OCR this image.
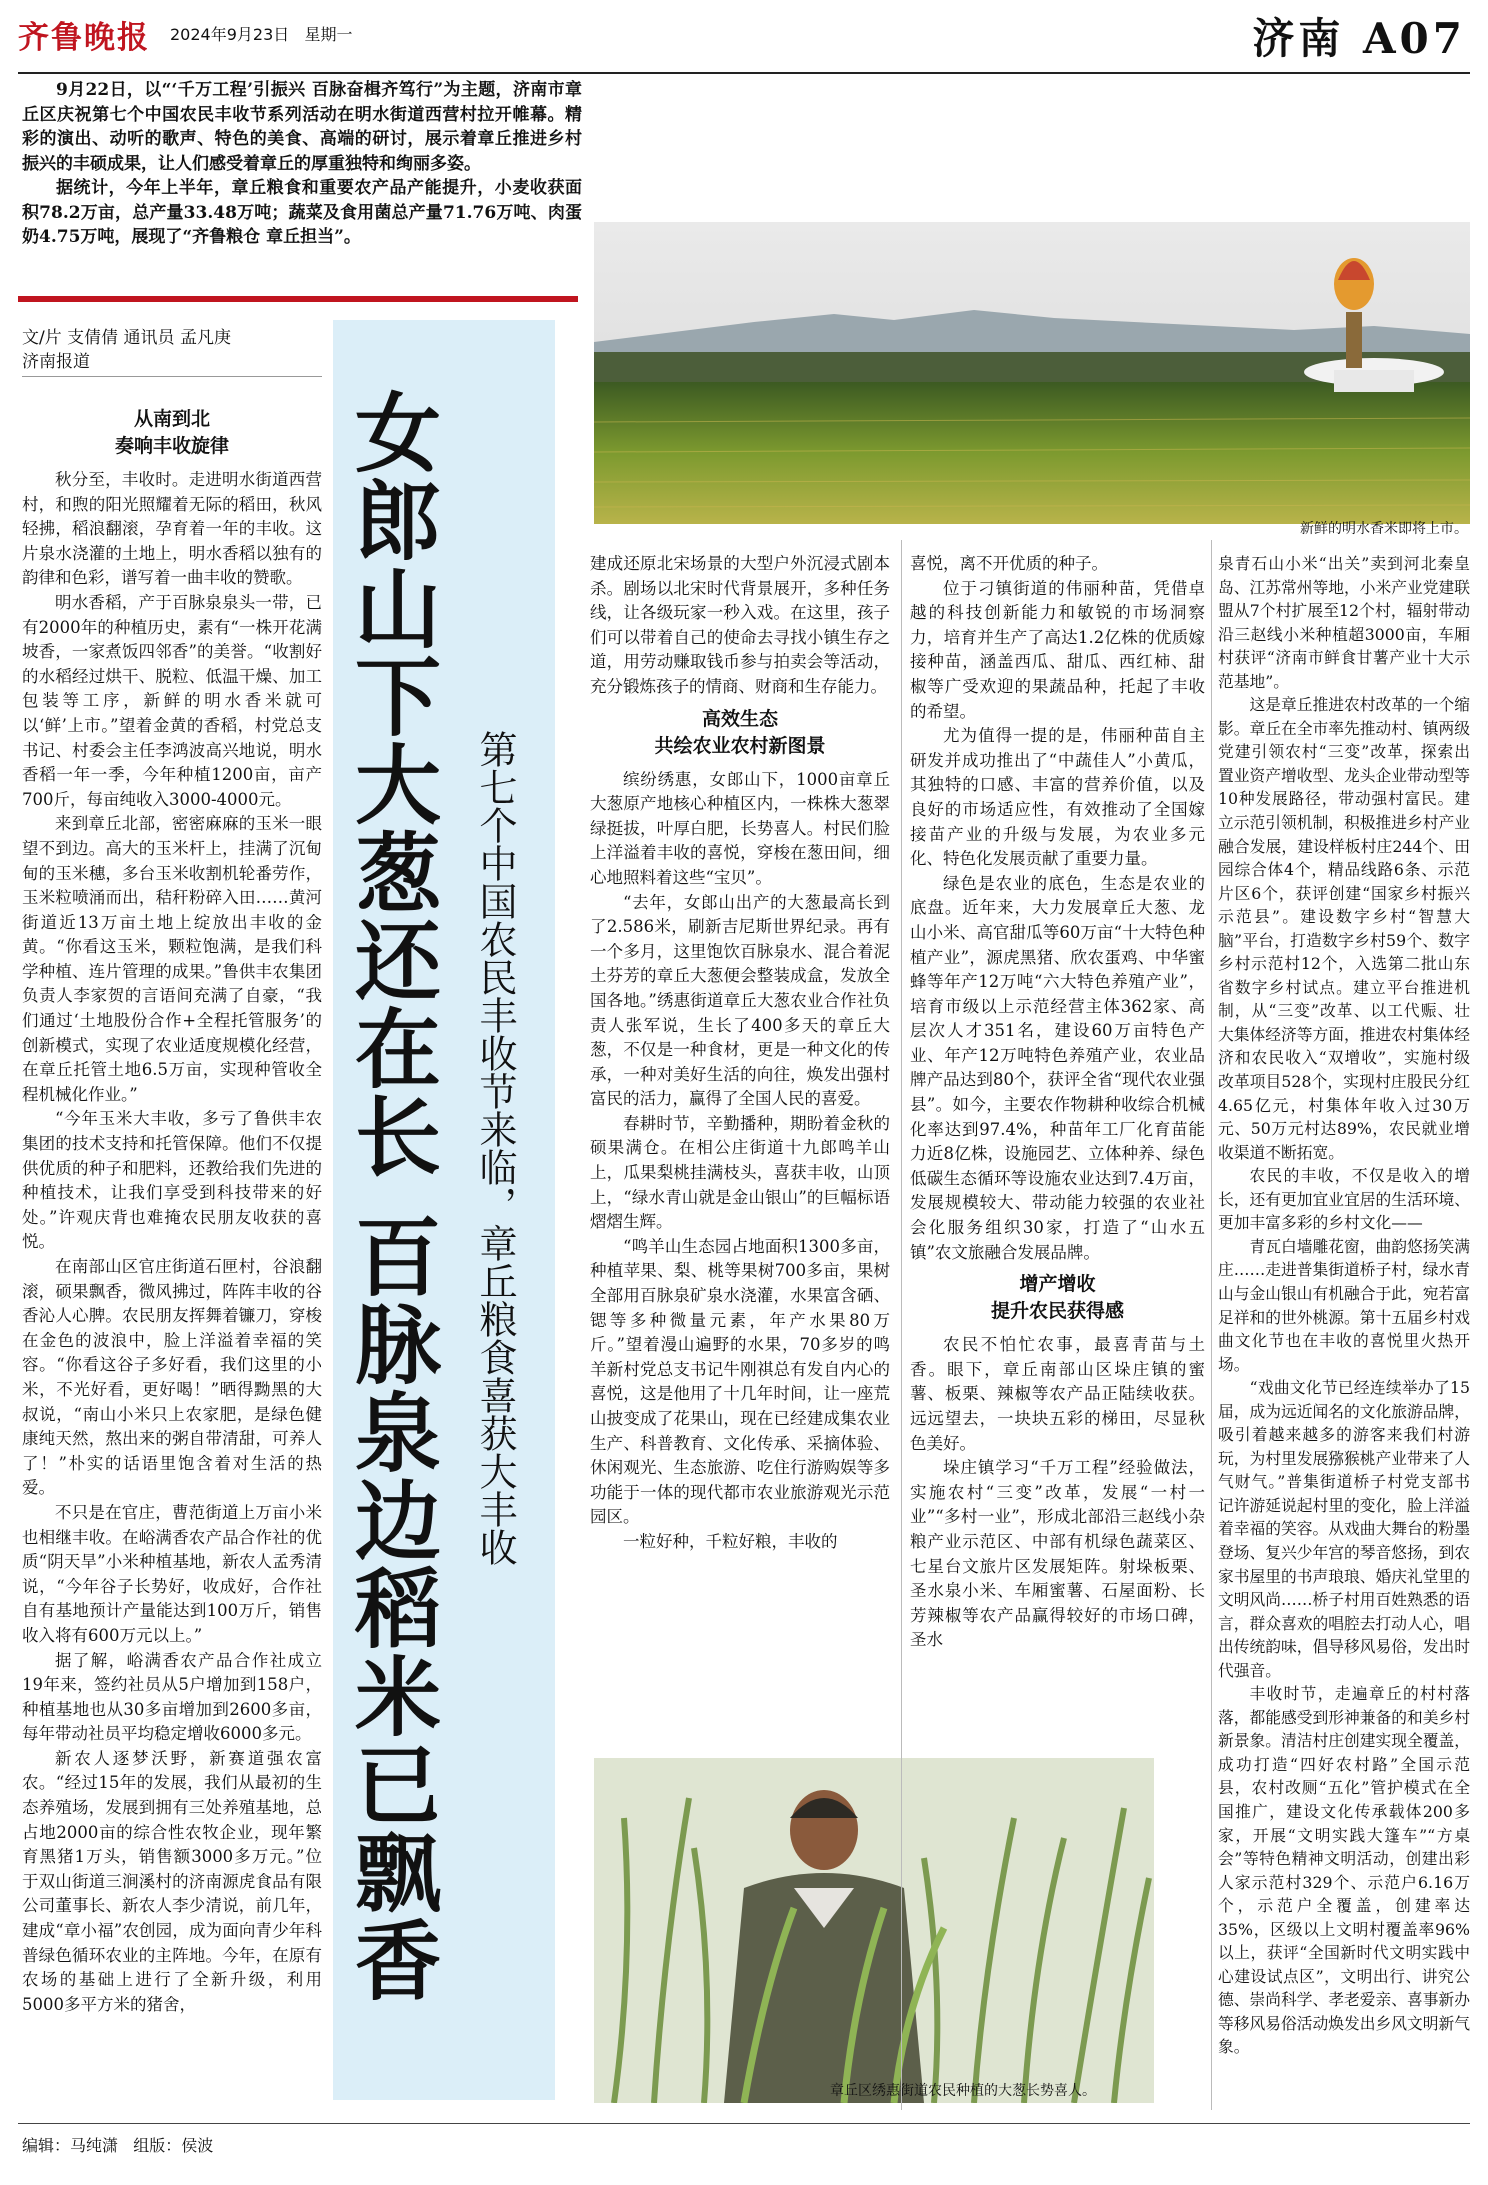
齐鲁晚报 2024年9月23日 星期一	济南 A07

9月22日，以“‘千万工程’引振兴 百脉奋楫齐笃行”为主题，济南市章丘区庆祝第七个中国农民丰收节系列活动在明水街道西营村拉开帷幕。精彩的演出、动听的歌声、特色的美食、高端的研讨，展示着章丘推进乡村振兴的丰硕成果，让人们感受着章丘的厚重独特和绚丽多姿。

据统计，今年上半年，章丘粮食和重要农产品产能提升，小麦收获面积78.2万亩，总产量33.48万吨；蔬菜及食用菌总产量71.76万吨、肉蛋奶4.75万吨，展现了“齐鲁粮仓 章丘担当”。

文/片 支倩倩 通讯员 孟凡庚
济南报道
女郎山下大葱还在长 百脉泉边稻米已飘香 第七个中国农民丰收节来临，章丘粮食喜获大丰收
新鲜的明水香米即将上市。
章丘区绣惠街道农民种植的大葱长势喜人。
从南到北
奏响丰收旋律

秋分至，丰收时。走进明水街道西营村，和煦的阳光照耀着无际的稻田，秋风轻拂，稻浪翻滚，孕育着一年的丰收。这片泉水浇灌的土地上，明水香稻以独有的韵律和色彩，谱写着一曲丰收的赞歌。

明水香稻，产于百脉泉泉头一带，已有2000年的种植历史，素有“一株开花满坡香，一家煮饭四邻香”的美誉。“收割好的水稻经过烘干、脱粒、低温干燥、加工包装等工序，新鲜的明水香米就可以‘鲜’上市。”望着金黄的香稻，村党总支书记、村委会主任李鸿波高兴地说，明水香稻一年一季，今年种植1200亩，亩产700斤，每亩纯收入3000-4000元。

来到章丘北部，密密麻麻的玉米一眼望不到边。高大的玉米杆上，挂满了沉甸甸的玉米穗，多台玉米收割机轮番劳作，玉米粒喷涌而出，秸秆粉碎入田……黄河街道近13万亩土地上绽放出丰收的金黄。“你看这玉米，颗粒饱满，是我们科学种植、连片管理的成果。”鲁供丰农集团负责人李家贺的言语间充满了自豪，“我们通过‘土地股份合作+全程托管服务’的创新模式，实现了农业适度规模化经营，在章丘托管土地6.5万亩，实现种管收全程机械化作业。”

“今年玉米大丰收，多亏了鲁供丰农集团的技术支持和托管保障。他们不仅提供优质的种子和肥料，还教给我们先进的种植技术，让我们享受到科技带来的好处。”许观庆背也难掩农民朋友收获的喜悦。

在南部山区官庄街道石匣村，谷浪翻滚，硕果飘香，微风拂过，阵阵丰收的谷香沁人心脾。农民朋友挥舞着镰刀，穿梭在金色的波浪中，脸上洋溢着幸福的笑容。“你看这谷子多好看，我们这里的小米，不光好看，更好喝！”晒得黝黑的大叔说，“南山小米只上农家肥，是绿色健康纯天然，熬出来的粥自带清甜，可养人了！”朴实的话语里饱含着对生活的热爱。

不只是在官庄，曹范街道上万亩小米也相继丰收。在峪满香农产品合作社的优质“阴天旱”小米种植基地，新农人孟秀清说，“今年谷子长势好，收成好，合作社自有基地预计产量能达到100万斤，销售收入将有600万元以上。”

据了解，峪满香农产品合作社成立19年来，签约社员从5户增加到158户，种植基地也从30多亩增加到2600多亩，每年带动社员平均稳定增收6000多元。

新农人逐梦沃野，新赛道强农富农。“经过15年的发展，我们从最初的生态养殖场，发展到拥有三处养殖基地，总占地2000亩的综合性农牧企业，现年繁育黑猪1万头，销售额3000多万元。”位于双山街道三涧溪村的济南源虎食品有限公司董事长、新农人李少清说，前几年，建成“章小福”农创园，成为面向青少年科普绿色循环农业的主阵地。今年，在原有农场的基础上进行了全新升级，利用5000多平方米的猪舍，

建成还原北宋场景的大型户外沉浸式剧本杀。剧场以北宋时代背景展开，多种任务线，让各级玩家一秒入戏。在这里，孩子们可以带着自己的使命去寻找小镇生存之道，用劳动赚取钱币参与拍卖会等活动，充分锻炼孩子的情商、财商和生存能力。

高效生态
共绘农业农村新图景

缤纷绣惠，女郎山下，1000亩章丘大葱原产地核心种植区内，一株株大葱翠绿挺拔，叶厚白肥，长势喜人。村民们脸上洋溢着丰收的喜悦，穿梭在葱田间，细心地照料着这些“宝贝”。

“去年，女郎山出产的大葱最高长到了2.586米，刷新吉尼斯世界纪录。再有一个多月，这里饱饮百脉泉水、混合着泥土芬芳的章丘大葱便会整装成盒，发放全国各地。”绣惠街道章丘大葱农业合作社负责人张军说，生长了400多天的章丘大葱，不仅是一种食材，更是一种文化的传承，一种对美好生活的向往，焕发出强村富民的活力，赢得了全国人民的喜爱。

春耕时节，辛勤播种，期盼着金秋的硕果满仓。在相公庄街道十九郎鸣羊山上，瓜果梨桃挂满枝头，喜获丰收，山顶上，“绿水青山就是金山银山”的巨幅标语熠熠生辉。

“鸣羊山生态园占地面积1300多亩，种植苹果、梨、桃等果树700多亩，果树全部用百脉泉矿泉水浇灌，水果富含硒、锶等多种微量元素，年产水果80万斤。”望着漫山遍野的水果，70多岁的鸣羊新村党总支书记牛刚祺总有发自内心的喜悦，这是他用了十几年时间，让一座荒山披变成了花果山，现在已经建成集农业生产、科普教育、文化传承、采摘体验、休闲观光、生态旅游、吃住行游购娱等多功能于一体的现代都市农业旅游观光示范园区。

一粒好种，千粒好粮，丰收的

喜悦，离不开优质的种子。

位于刁镇街道的伟丽种苗，凭借卓越的科技创新能力和敏锐的市场洞察力，培育并生产了高达1.2亿株的优质嫁接种苗，涵盖西瓜、甜瓜、西红柿、甜椒等广受欢迎的果蔬品种，托起了丰收的希望。

尤为值得一提的是，伟丽种苗自主研发并成功推出了“中蔬佳人”小黄瓜，其独特的口感、丰富的营养价值，以及良好的市场适应性，有效推动了全国嫁接苗产业的升级与发展，为农业多元化、特色化发展贡献了重要力量。

绿色是农业的底色，生态是农业的底盘。近年来，大力发展章丘大葱、龙山小米、高官甜瓜等60万亩“十大特色种植产业”，源虎黑猪、欣农蛋鸡、中华蜜蜂等年产12万吨“六大特色养殖产业”，培育市级以上示范经营主体362家、高层次人才351名，建设60万亩特色产业、年产12万吨特色养殖产业，农业品牌产品达到80个，获评全省“现代农业强县”。如今，主要农作物耕种收综合机械化率达到97.4%，种苗年工厂化育苗能力近8亿株，设施园艺、立体种养、绿色低碳生态循环等设施农业达到7.4万亩，发展规模较大、带动能力较强的农业社会化服务组织30家，打造了“山水五镇”农文旅融合发展品牌。

增产增收
提升农民获得感

农民不怕忙农事，最喜青苗与土香。眼下，章丘南部山区垛庄镇的蜜薯、板栗、辣椒等农产品正陆续收获。远远望去，一块块五彩的梯田，尽显秋色美好。

垛庄镇学习“千万工程”经验做法，实施农村“三变”改革，发展“一村一业”“多村一业”，形成北部沿三赵线小杂粮产业示范区、中部有机绿色蔬菜区、七星台文旅片区发展矩阵。射垛板栗、圣水泉小米、车厢蜜薯、石屋面粉、长芳辣椒等农产品赢得较好的市场口碑，圣水

泉青石山小米“出关”卖到河北秦皇岛、江苏常州等地，小米产业党建联盟从7个村扩展至12个村，辐射带动沿三赵线小米种植超3000亩，车厢村获评“济南市鲜食甘薯产业十大示范基地”。

这是章丘推进农村改革的一个缩影。章丘在全市率先推动村、镇两级党建引领农村“三变”改革，探索出置业资产增收型、龙头企业带动型等10种发展路径，带动强村富民。建立示范引领机制，积极推进乡村产业融合发展，建设样板村庄244个、田园综合体4个，精品线路6条、示范片区6个，获评创建“国家乡村振兴示范县”。建设数字乡村“智慧大脑”平台，打造数字乡村59个、数字乡村示范村12个，入选第二批山东省数字乡村试点。建立平台推进机制，从“三变”改革、以工代赈、壮大集体经济等方面，推进农村集体经济和农民收入“双增收”，实施村级改革项目528个，实现村庄股民分红4.65亿元，村集体年收入过30万元、50万元村达89%，农民就业增收渠道不断拓宽。

农民的丰收，不仅是收入的增长，还有更加宜业宜居的生活环境、更加丰富多彩的乡村文化——

青瓦白墙雕花窗，曲韵悠扬笑满庄……走进普集街道桥子村，绿水青山与金山银山有机融合于此，宛若富足祥和的世外桃源。第十五届乡村戏曲文化节也在丰收的喜悦里火热开场。

“戏曲文化节已经连续举办了15届，成为远近闻名的文化旅游品牌，吸引着越来越多的游客来我们村游玩，为村里发展猕猴桃产业带来了人气财气。”普集街道桥子村党支部书记许游延说起村里的变化，脸上洋溢着幸福的笑容。从戏曲大舞台的粉墨登场、复兴少年宫的琴音悠扬，到农家书屋里的书声琅琅、婚庆礼堂里的文明风尚……桥子村用百姓熟悉的语言，群众喜欢的唱腔去打动人心，唱出传统韵味，倡导移风易俗，发出时代强音。

丰收时节，走遍章丘的村村落落，都能感受到形神兼备的和美乡村新景象。清洁村庄创建实现全覆盖，成功打造“四好农村路”全国示范县，农村改厕“五化”管护模式在全国推广，建设文化传承载体200多家，开展“文明实践大篷车”“方桌会”等特色精神文明活动，创建出彩人家示范村329个、示范户6.16万个，示范户全覆盖，创建率达35%，区级以上文明村覆盖率96%以上，获评“全国新时代文明实践中心建设试点区”，文明出行、讲究公德、崇尚科学、孝老爱亲、喜事新办等移风易俗活动焕发出乡风文明新气象。

编辑：马纯潇 组版：侯波
